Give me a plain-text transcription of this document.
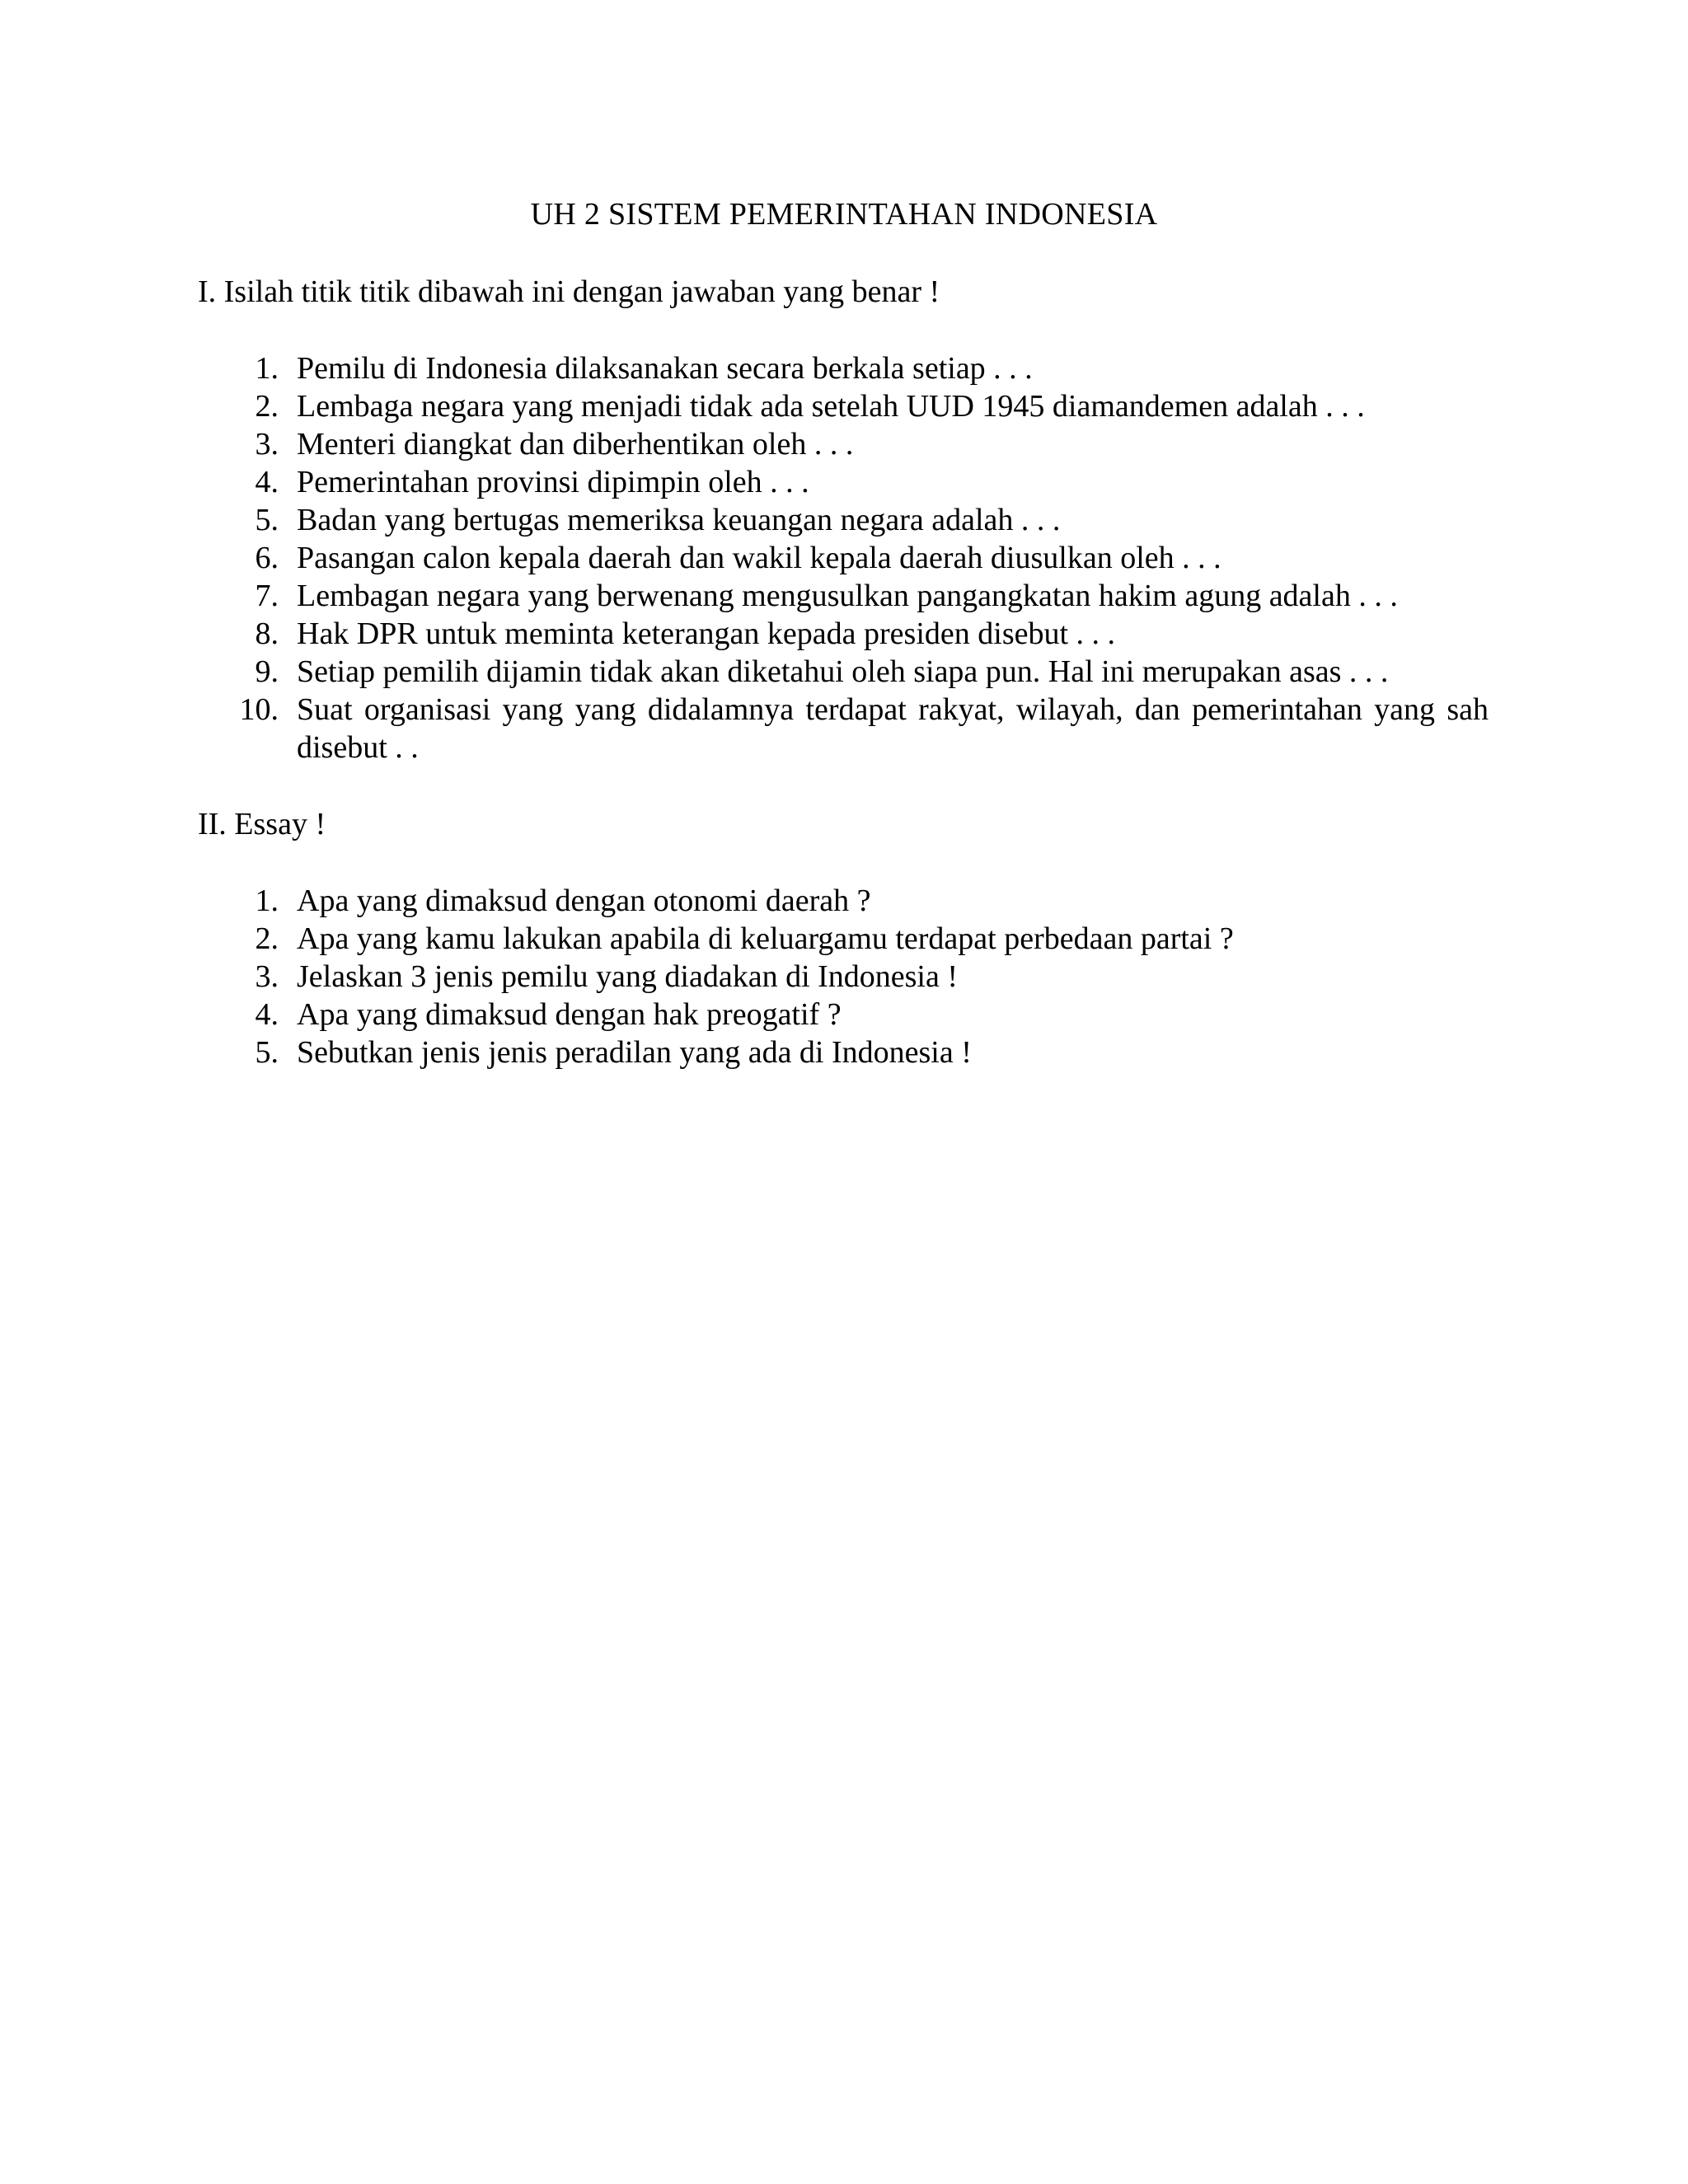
UH 2 SISTEM PEMERINTAHAN INDONESIA

I. Isilah titik titik dibawah ini dengan jawaban yang benar !

1. Pemilu di Indonesia dilaksanakan secara berkala setiap . . .
2. Lembaga negara yang menjadi tidak ada setelah UUD 1945 diamandemen adalah . . .
3. Menteri diangkat dan diberhentikan oleh . . .
4. Pemerintahan provinsi dipimpin oleh . . .
5. Badan yang bertugas memeriksa keuangan negara adalah . . .
6. Pasangan calon kepala daerah dan wakil kepala daerah diusulkan oleh . . .
7. Lembagan negara yang berwenang mengusulkan pangangkatan hakim agung adalah . . .
8. Hak DPR untuk meminta keterangan kepada presiden disebut . . .
9. Setiap pemilih dijamin tidak akan diketahui oleh siapa pun. Hal ini merupakan asas . . .
10. Suat organisasi yang yang didalamnya terdapat rakyat, wilayah, dan pemerintahan yang sah disebut . .

II. Essay !

1. Apa yang dimaksud dengan otonomi daerah ?
2. Apa yang kamu lakukan apabila di keluargamu terdapat perbedaan partai ?
3. Jelaskan 3 jenis pemilu yang diadakan di Indonesia !
4. Apa yang dimaksud dengan hak preogatif ?
5. Sebutkan jenis jenis peradilan yang ada di Indonesia !
